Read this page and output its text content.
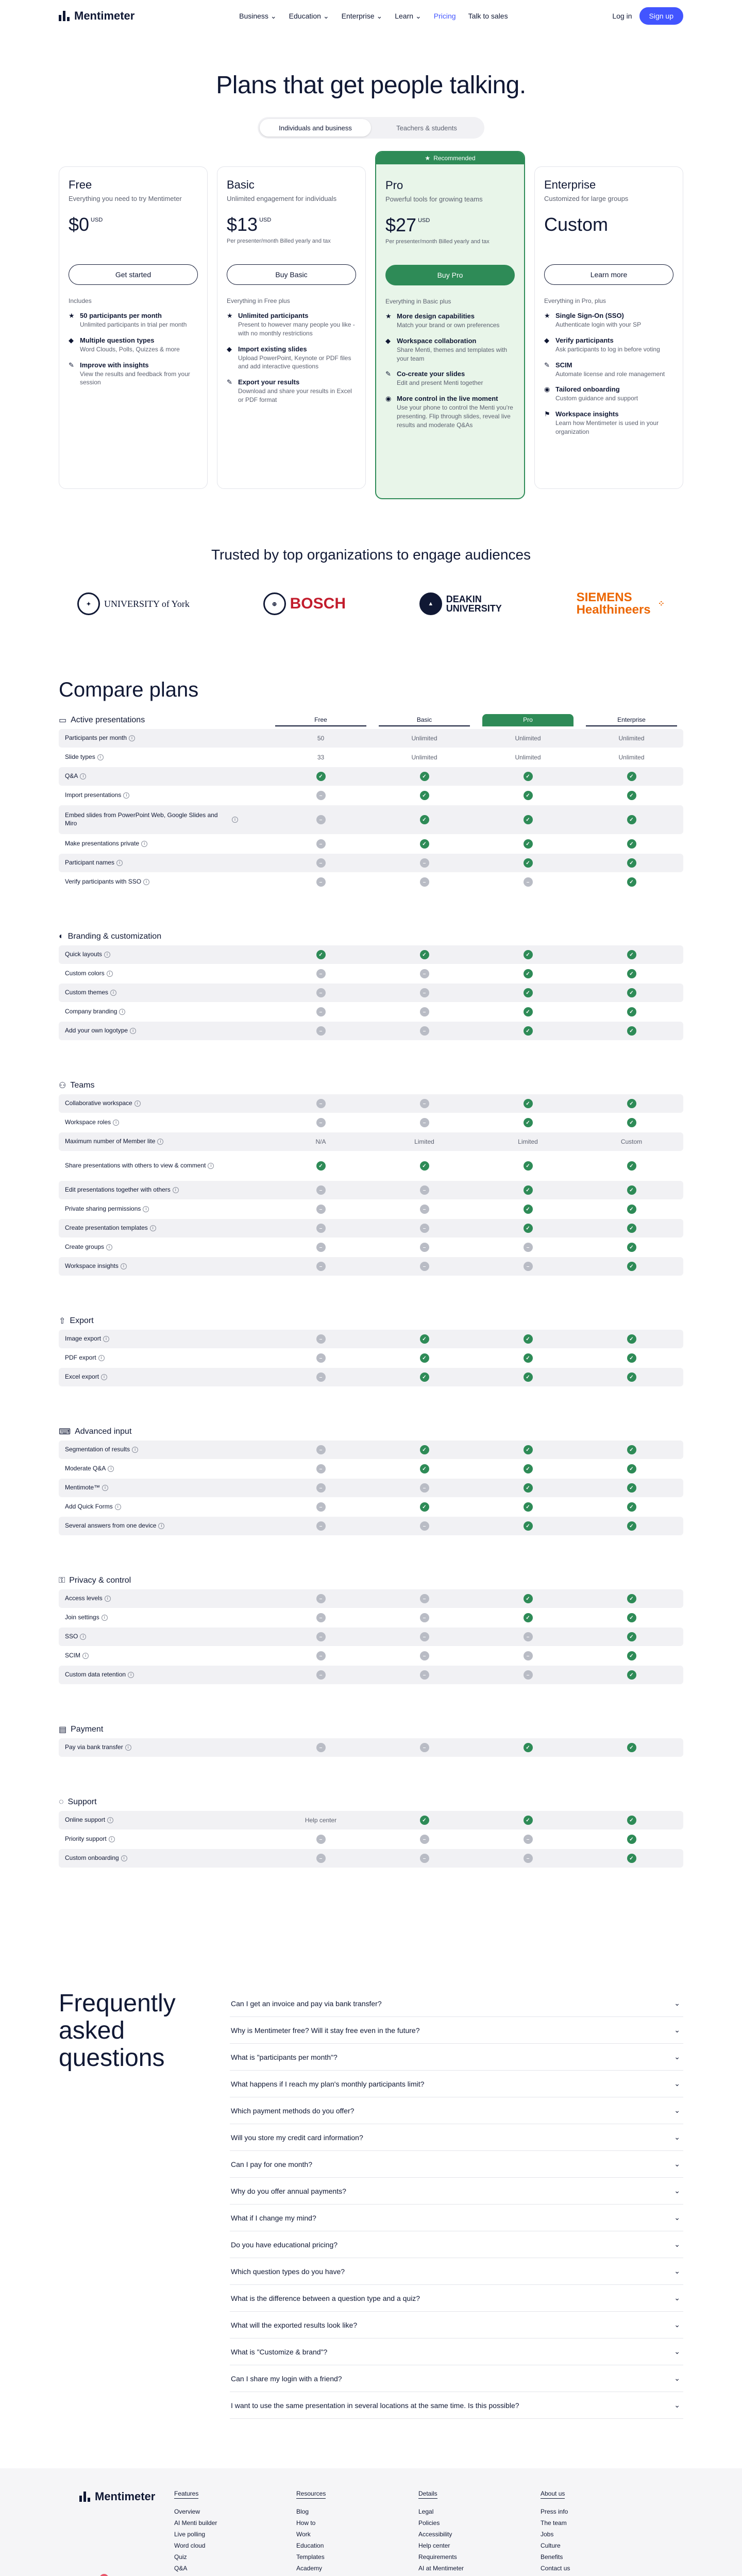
Mentimeter	Business ⌄ Education ⌄ Enterprise ⌄ Learn ⌄ Pricing Talk to sales	Log in	Sign up
Plans that get people talking.
Individuals and business	Teachers & students
Free
Everything you need to try Mentimeter
$0 $^{USD}$
Get started
Includes
★ 50 participants per month

Unlimited participants in trial per month

◆ Multiple question types

Word Clouds, Polls, Quizzes & more

✎ Improve with insights

View the results and feedback from your session

Basic
Unlimited engagement for individuals
$13 $^{USD}$
Per presenter/month Billed yearly and tax
Buy Basic
Everything in Free plus
★ Unlimited participants

Present to however many people you like - with no monthly restrictions

◆ Import existing slides

Upload PowerPoint, Keynote or PDF files and add interactive questions

✎ Export your results

Download and share your results in Excel or PDF format

★ Recommended
Pro
Powerful tools for growing teams
$27 $^{USD}$
Per presenter/month Billed yearly and tax
Buy Pro
Everything in Basic plus
★ More design capabilities

Match your brand or own preferences

◆ Workspace collaboration

Share Menti, themes and templates with your team

✎ Co-create your slides

Edit and present Menti together

◉ More control in the live moment

Use your phone to control the Menti you're presenting. Flip through slides, reveal live results and moderate Q&As

Enterprise
Customized for large groups
Custom
Learn more
Everything in Pro, plus
★ Single Sign-On (SSO)

Authenticate login with your SP

◆ Verify participants

Ask participants to log in before voting

✎ SCIM

Automate license and role management

◉ Tailored onboarding

Custom guidance and support

⚑ Workspace insights

Learn how Mentimeter is used in your organization

Trusted by top organizations to engage audiences
✦	UNIVERSITY of York	⊕ BOSCH	▲	DEAKIN UNIVERSITY
SIEMENS Healthineers ⁘
Compare plans
▭ Active presentations	Free	Basic	Pro	Enterprise
Participants per month	i	50	Unlimited	Unlimited	Unlimited
Slide types	i	33	Unlimited	Unlimited	Unlimited
Q&A	i	✓	✓	✓	✓
Import presentations	i	–	✓	✓	✓
Embed slides from PowerPoint Web, Google Slides and Miro
i	–	✓	✓	✓
Make presentations private	i	–	✓	✓	✓
Participant names	i	–	–	✓	✓
Verify participants with SSO	i	–	–	–	✓
◐ Branding & customization
Quick layouts	i	✓	✓	✓	✓
Custom colors	i	–	–	✓	✓
Custom themes	i	–	–	✓	✓
Company branding	i	–	–	✓	✓
Add your own logotype	i	–	–	✓	✓
⚇ Teams
Collaborative workspace	i	–	–	✓	✓
Workspace roles	i	–	–	✓	✓
Maximum number of Member lite	i	N/A	Limited	Limited	Custom
Share presentations with others to view & comment	i	✓	✓	✓	✓
Edit presentations together with others	i	–	–	✓	✓
Private sharing permissions	i	–	–	✓	✓
Create presentation templates	i	–	–	✓	✓
Create groups	i	–	–	–	✓
Workspace insights	i	–	–	–	✓
⇧ Export
Image export	i	–	✓	✓	✓
PDF export	i	–	✓	✓	✓
Excel export	i	–	✓	✓	✓
⌨ Advanced input
Segmentation of results	i	–	✓	✓	✓
Moderate Q&A	i	–	✓	✓	✓
Mentimote™	i	–	–	✓	✓
Add Quick Forms	i	–	✓	✓	✓
Several answers from one device	i	–	–	✓	✓
⚿ Privacy & control
Access levels	i	–	–	✓	✓
Join settings	i	–	–	✓	✓
SSO	i	–	–	–	✓
SCIM	i	–	–	–	✓
Custom data retention	i	–	–	–	✓
▤ Payment
Pay via bank transfer	i	–	–	✓	✓
◌ Support
Online support	i	Help center	✓	✓	✓
Priority support	i	–	–	–	✓
Custom onboarding	i	–	–	–	✓
Frequently asked questions
Can I get an invoice and pay via bank transfer?	⌄
Why is Mentimeter free? Will it stay free even in the future?	⌄
What is "participants per month"?	⌄
What happens if I reach my plan's monthly participants limit?	⌄
Which payment methods do you offer?	⌄
Will you store my credit card information?	⌄
Can I pay for one month?	⌄
Why do you offer annual payments?	⌄
What if I change my mind?	⌄
Do you have educational pricing?	⌄
Which question types do you have?	⌄
What is the difference between a question type and a quiz?	⌄
What will the exported results look like?	⌄
What is "Customize & brand"?	⌄
Can I share my login with a friend?	⌄
I want to use the same presentation in several locations at the same time. Is this possible?	⌄
Mentimeter	Features
Overview
AI Menti builder
Live polling
Word cloud
Quiz
Q&A
Resources
Blog
How to
Work
Education
Templates
Academy
Details
Legal
Policies
Accessibility
Help center
Requirements
AI at Mentimeter
About us
Press info
The team
Jobs
Culture
Benefits
Contact us
